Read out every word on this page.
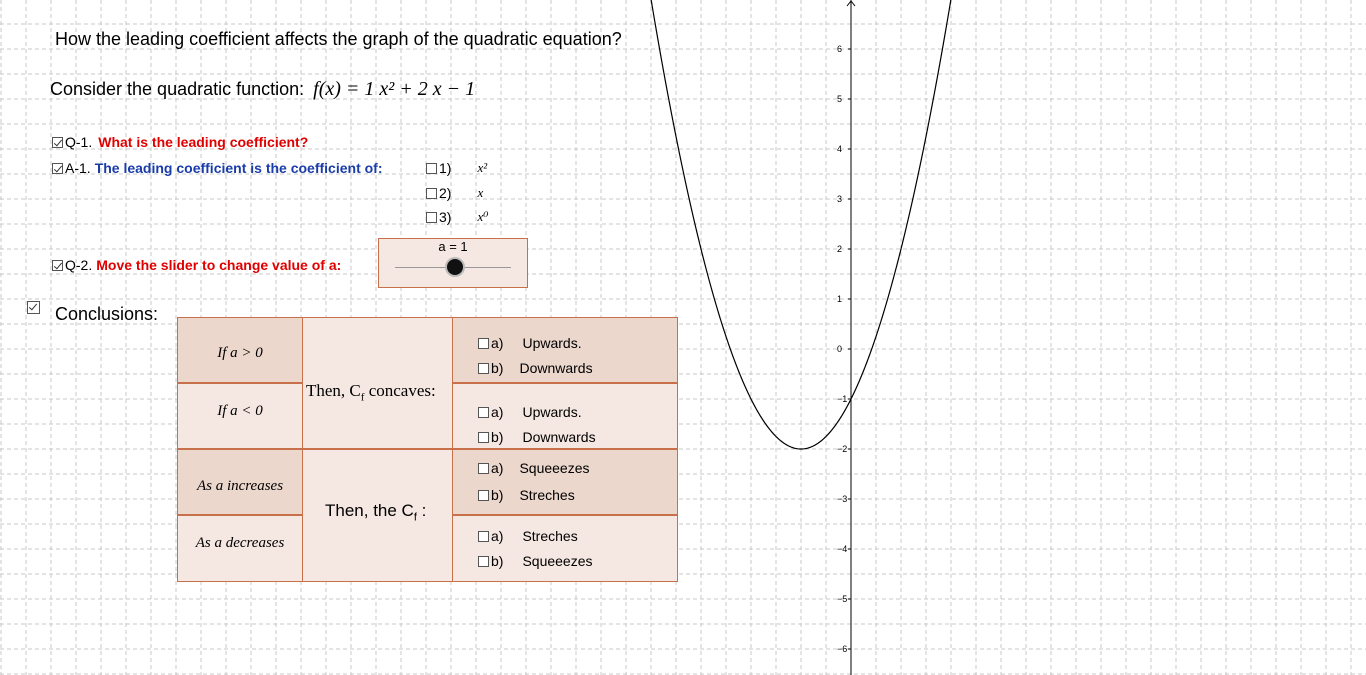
How the leading coefficient affects the graph of the quadratic equation?
Consider the quadratic function: f(x) = 1 x² + 2 x − 1
Q-1. What is the leading coefficient?
A-1. The leading coefficient is the coefficient of:	1) x²
2) x
3) x⁰
a = 1
Q-2. Move the slider to change value of a:
Conclusions:
If a > 0
If a < 0
As a increases
As a decreases
Then, $C_f$ concaves:
Then, the $C_f$ :
a) Upwards.
b) Downwards
a) Upwards.
b) Downwards
a) Squeeezes
b) Streches
a) Streches
b) Squeeezes
6
5
4
3
2
1
0
−1
−2
−3
−4
−5
−6
